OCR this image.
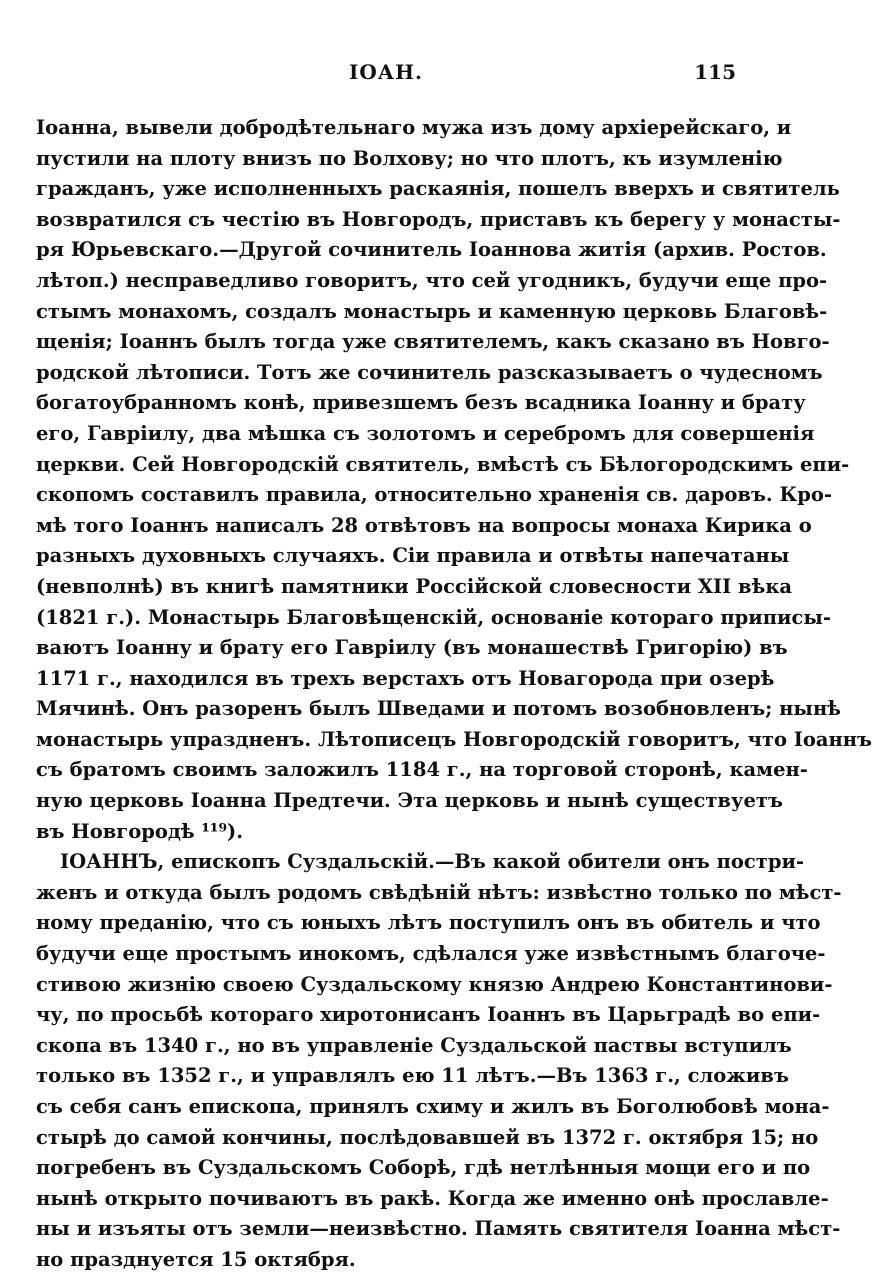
ІОАН.	115
Іоанна, вывели добродѣтельнаго мужа изъ дому архіерейскаго, и
пустили на плоту внизъ по Волхову; но что плотъ, къ изумленію
гражданъ, уже исполненныхъ раскаянія, пошелъ вверхъ и святитель
возвратился съ честію въ Новгородъ, приставъ къ берегу у монасты-
ря Юрьевскаго.—Другой сочинитель Іоаннова житія (архив. Ростов.
лѣтоп.) несправедливо говоритъ, что сей угодникъ, будучи еще про-
стымъ монахомъ, создалъ монастырь и каменную церковь Благовѣ-
щенія; Іоаннъ былъ тогда уже святителемъ, какъ сказано въ Новго-
родской лѣтописи. Тотъ же сочинитель разсказываетъ о чудесномъ
богатоубранномъ конѣ, привезшемъ безъ всадника Іоанну и брату
его, Гавріилу, два мѣшка съ золотомъ и серебромъ для совершенія
церкви. Сей Новгородскій святитель, вмѣстѣ съ Бѣлогородскимъ епи-
скопомъ составилъ правила, относительно храненія св. даровъ. Кро-
мѣ того Іоаннъ написалъ 28 отвѣтовъ на вопросы монаха Кирика о
разныхъ духовныхъ случаяхъ. Сіи правила и отвѣты напечатаны
(невполнѣ) въ книгѣ памятники Россійской словесности XII вѣка
(1821 г.). Монастырь Благовѣщенскій, основаніе котораго приписы-
ваютъ Іоанну и брату его Гавріилу (въ монашествѣ Григорію) въ
1171 г., находился въ трехъ верстахъ отъ Новагорода при озерѣ
Мячинѣ. Онъ разоренъ былъ Шведами и потомъ возобновленъ; нынѣ
монастырь упраздненъ. Лѣтописецъ Новгородскій говоритъ, что Іоаннъ
съ братомъ своимъ заложилъ 1184 г., на торговой сторонѣ, камен-
ную церковь Іоанна Предтечи. Эта церковь и нынѣ существуетъ
въ Новгородѣ ¹¹⁹).
ІОАННЪ, епископъ Суздальскій.—Въ какой обители онъ постри-
женъ и откуда былъ родомъ свѣдѣній нѣтъ: извѣстно только по мѣст-
ному преданію, что съ юныхъ лѣтъ поступилъ онъ въ обитель и что
будучи еще простымъ инокомъ, сдѣлался уже извѣстнымъ благоче-
стивою жизнію своею Суздальскому князю Андрею Константинови-
чу, по просьбѣ котораго хиротонисанъ Іоаннъ въ Царьградѣ во епи-
скопа въ 1340 г., но въ управленіе Суздальской паствы вступилъ
только въ 1352 г., и управлялъ ею 11 лѣтъ.—Въ 1363 г., сложивъ
съ себя санъ епископа, принялъ схиму и жилъ въ Боголюбовѣ мона-
стырѣ до самой кончины, послѣдовавшей въ 1372 г. октября 15; но
погребенъ въ Суздальскомъ Соборѣ, гдѣ нетлѣнныя мощи его и по
нынѣ открыто почиваютъ въ ракѣ. Когда же именно онѣ прославле-
ны и изъяты отъ земли—неизвѣстно. Память святителя Іоанна мѣст-
но празднуется 15 октября.
